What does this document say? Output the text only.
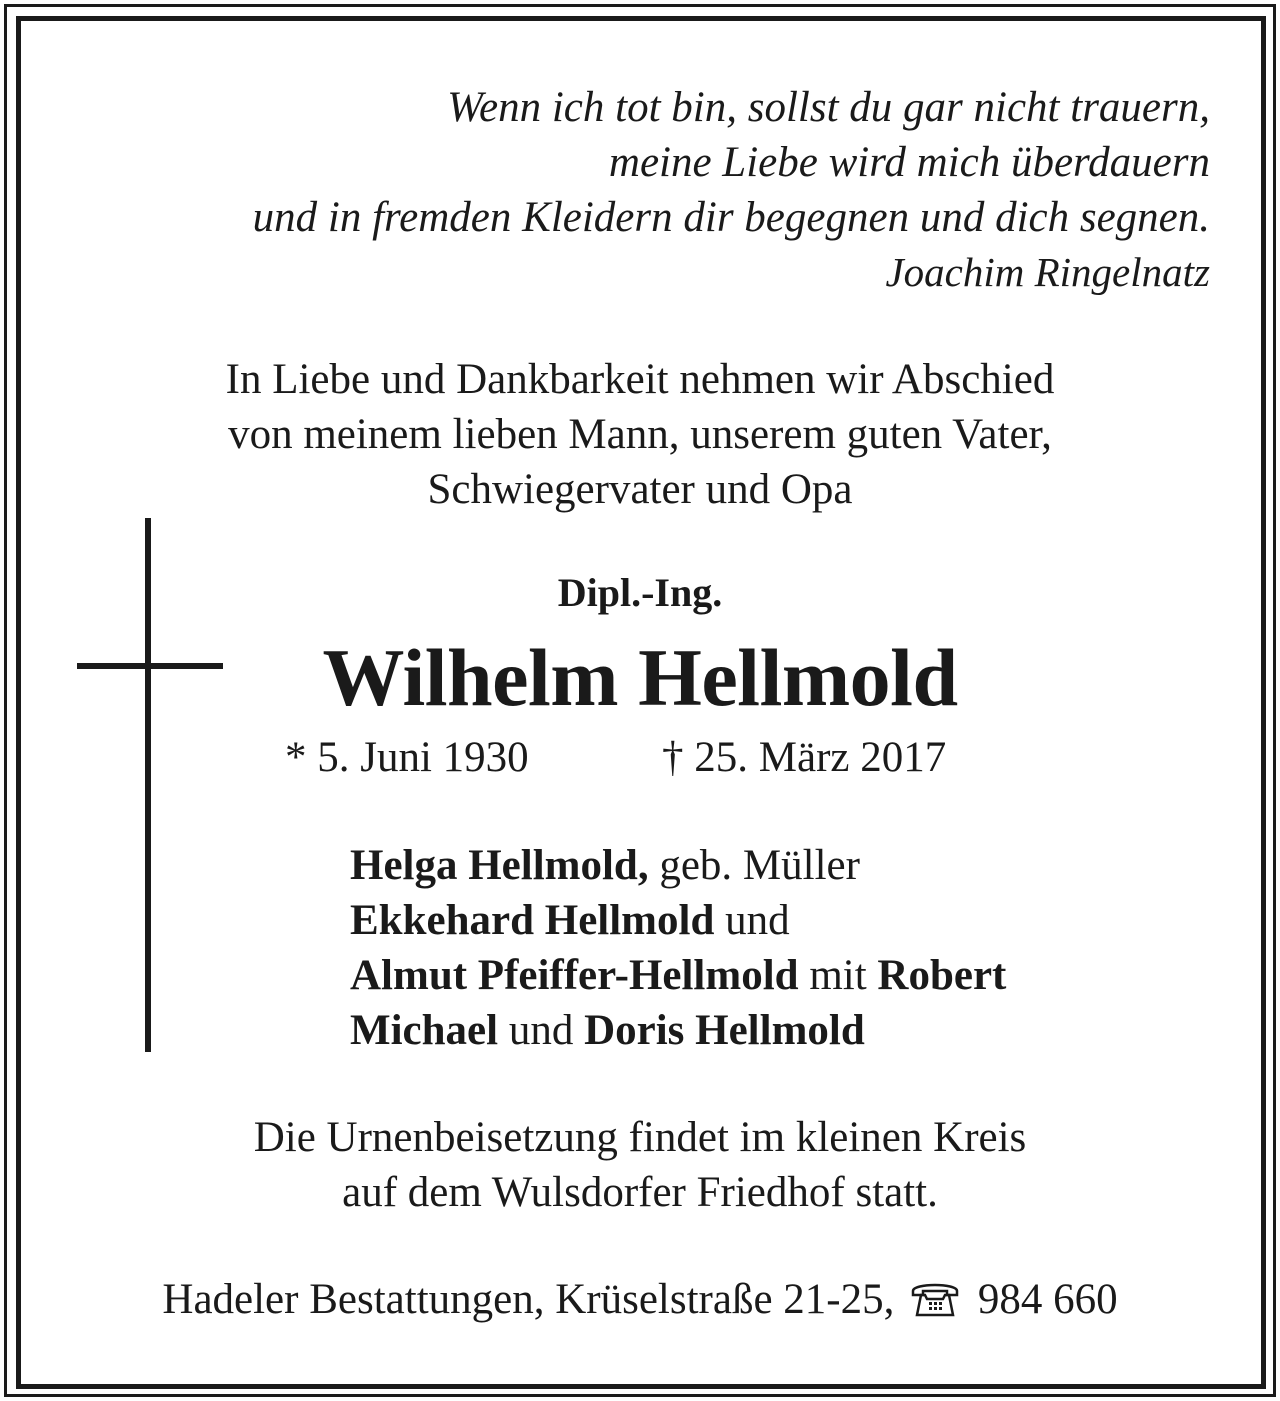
Wenn ich tot bin, sollst du gar nicht trauern,
meine Liebe wird mich überdauern
und in fremden Kleidern dir begegnen und dich segnen.
Joachim Ringelnatz
In Liebe und Dankbarkeit nehmen wir Abschied
von meinem lieben Mann, unserem guten Vater,
Schwiegervater und Opa
Dipl.-Ing.
Wilhelm Hellmold
* 5. Juni 1930	† 25. März 2017
Helga Hellmold, geb. Müller
Ekkehard Hellmold und
Almut Pfeiffer-Hellmold mit Robert
Michael und Doris Hellmold
Die Urnenbeisetzung findet im kleinen Kreis
auf dem Wulsdorfer Friedhof statt.
Hadeler Bestattungen, Krüselstraße 21-25, 984 660
